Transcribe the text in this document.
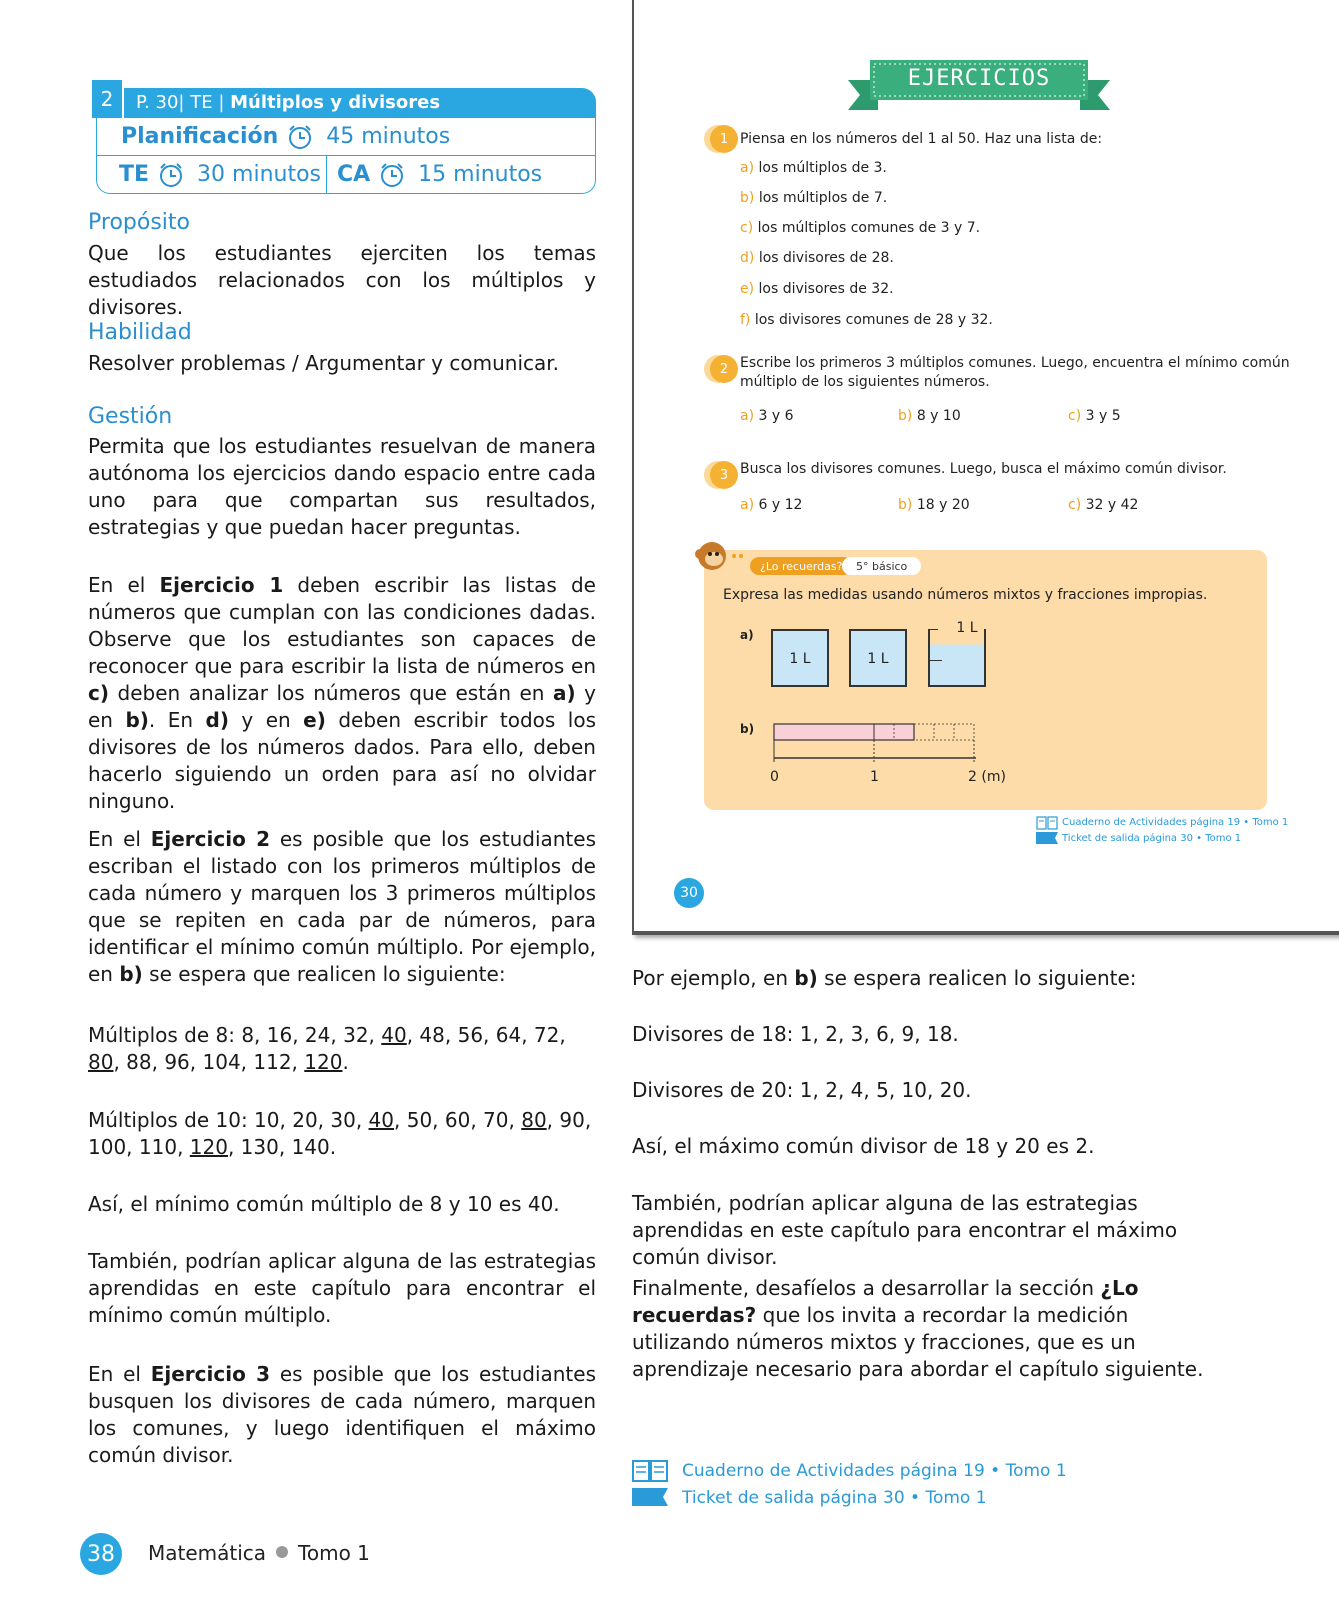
2	P. 30| TE | Múltiplos y divisores
Planificación 45 minutos
TE 30 minutos CA 15 minutos
Propósito
Que los estudiantes ejerciten los temas estudiados relacionados con los múltiplos y divisores.
Habilidad
Resolver problemas / Argumentar y comunicar.
Gestión
Permita que los estudiantes resuelvan de manera autónoma los ejercicios dando espacio entre cada uno para que compartan sus resultados, estrategias y que puedan hacer preguntas.
En el Ejercicio 1 deben escribir las listas de números que cumplan con las condiciones dadas. Observe que los estudiantes son capaces de reconocer que para escribir la lista de números en c) deben analizar los números que están en a) y en b). En d) y en e) deben escribir todos los divisores de los números dados. Para ello, deben hacerlo siguiendo un orden para así no olvidar ninguno.
En el Ejercicio 2 es posible que los estudiantes escriban el listado con los primeros múltiplos de cada número y marquen los 3 primeros múltiplos que se repiten en cada par de números, para identificar el mínimo común múltiplo. Por ejemplo, en b) se espera que realicen lo siguiente:
Múltiplos de 8: 8, 16, 24, 32, 40, 48, 56, 64, 72, 80, 88, 96, 104, 112, 120.
Múltiplos de 10: 10, 20, 30, 40, 50, 60, 70, 80, 90, 100, 110, 120, 130, 140.
Así, el mínimo común múltiplo de 8 y 10 es 40.
También, podrían aplicar alguna de las estrategias aprendidas en este capítulo para encontrar el mínimo común múltiplo.
En el Ejercicio 3 es posible que los estudiantes busquen los divisores de cada número, marquen los comunes, y luego identifiquen el máximo común divisor.
EJERCICIOS
1 Piensa en los números del 1 al 50. Haz una lista de:
a) los múltiplos de 3.
b) los múltiplos de 7.
c) los múltiplos comunes de 3 y 7.
d) los divisores de 28.
e) los divisores de 32.
f) los divisores comunes de 28 y 32.
2 Escribe los primeros 3 múltiplos comunes. Luego, encuentra el mínimo común
múltiplo de los siguientes números.
a) 3 y 6	b) 8 y 10	c) 3 y 5
3 Busca los divisores comunes. Luego, busca el máximo común divisor.
a) 6 y 12	b) 18 y 20	c) 32 y 42
¿Lo recuerdas?	5° básico
Expresa las medidas usando números mixtos y fracciones impropias.
a)
1 L	1 L
1 L
b)
0	1	2 (m)
Cuaderno de Actividades página 19 • Tomo 1
Ticket de salida página 30 • Tomo 1
30
Por ejemplo, en b) se espera realicen lo siguiente:
Divisores de 18: 1, 2, 3, 6, 9, 18.
Divisores de 20: 1, 2, 4, 5, 10, 20.
Así, el máximo común divisor de 18 y 20 es 2.
También, podrían aplicar alguna de las estrategias aprendidas en este capítulo para encontrar el máximo común divisor.
Finalmente, desafíelos a desarrollar la sección ¿Lo recuerdas? que los invita a recordar la medición utilizando números mixtos y fracciones, que es un aprendizaje necesario para abordar el capítulo siguiente.
Cuaderno de Actividades página 19 • Tomo 1
Ticket de salida página 30 • Tomo 1
38	Matemática Tomo 1
